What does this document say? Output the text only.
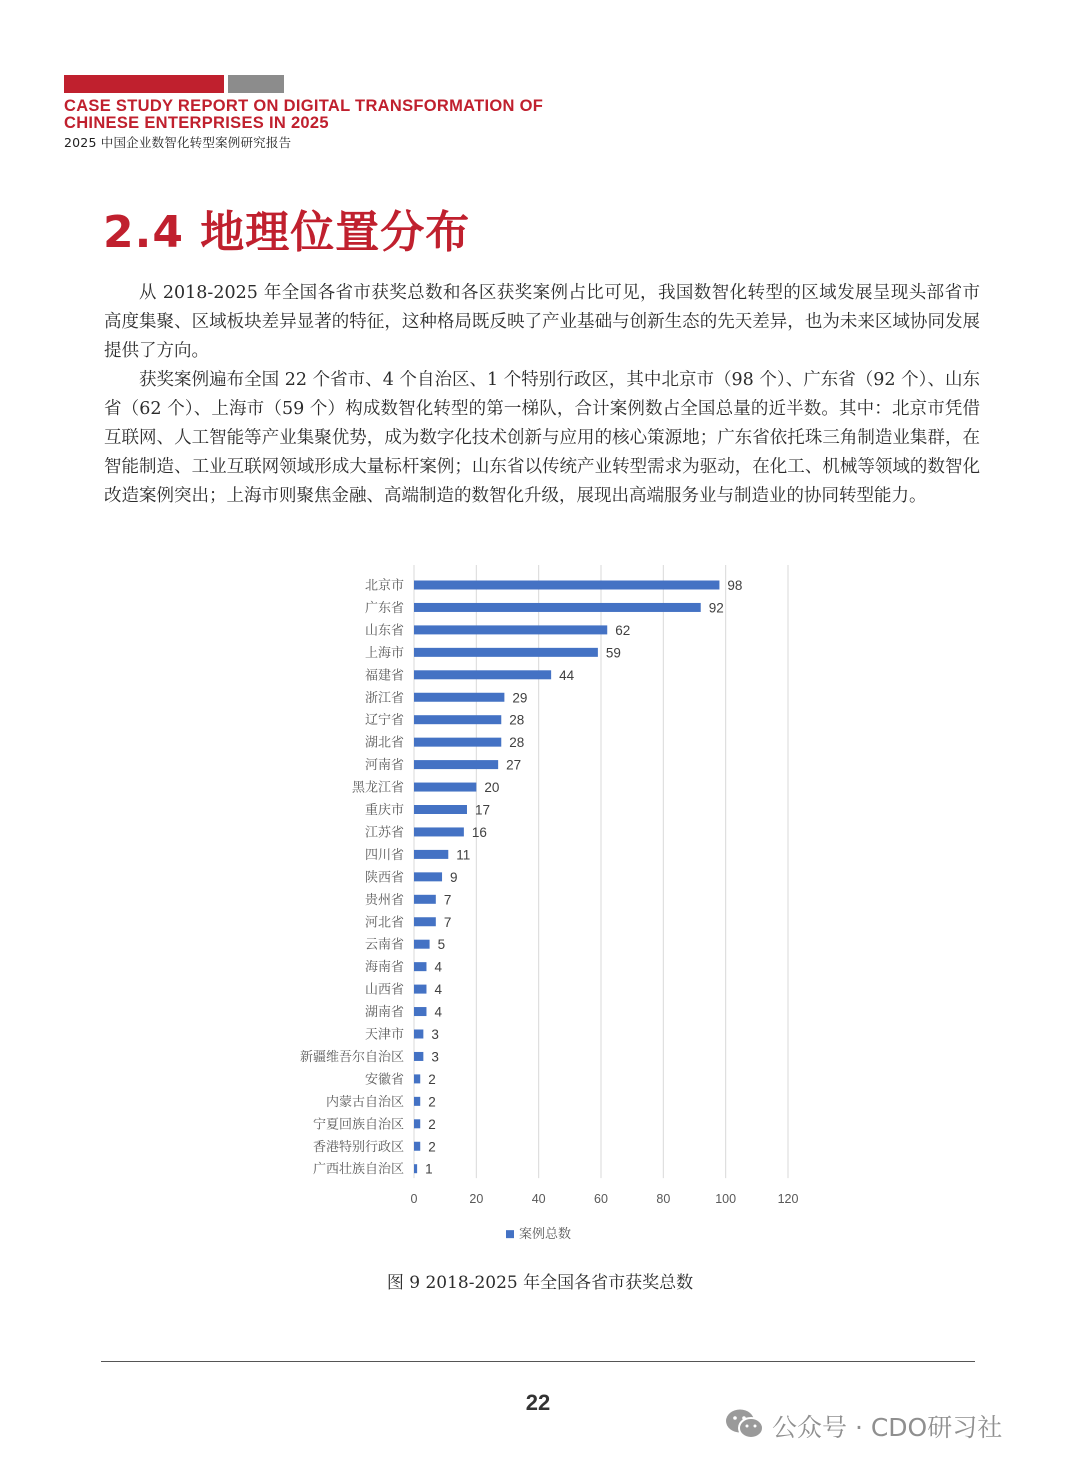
CASE STUDY REPORT ON DIGITAL TRANSFORMATION OF
CHINESE ENTERPRISES IN 2025
2025 中国企业数智化转型案例研究报告
2.4 地理位置分布

从 2018-2025 年全国各省市获奖总数和各区获奖案例占比可见，我国数智化转型的区域发展呈现头部省市高度集聚、区域板块差异显著的特征，这种格局既反映了产业基础与创新生态的先天差异，也为未来区域协同发展提供了方向。

获奖案例遍布全国 22 个省市、4 个自治区、1 个特别行政区，其中北京市（98 个）、广东省（92 个）、山东省（62 个）、上海市（59 个）构成数智化转型的第一梯队，合计案例数占全国总量的近半数。其中：北京市凭借互联网、人工智能等产业集聚优势，成为数字化技术创新与应用的核心策源地；广东省依托珠三角制造业集群，在智能制造、工业互联网领域形成大量标杆案例；山东省以传统产业转型需求为驱动，在化工、机械等领域的数智化改造案例突出；上海市则聚焦金融、高端制造的数智化升级，展现出高端服务业与制造业的协同转型能力。

北京市	98
广东省	92
山东省	62
上海市	59
福建省	44
浙江省	29
辽宁省	28
湖北省	28
河南省	27
黑龙江省	20
重庆市	17
江苏省	16
四川省	11
陕西省	9
贵州省	7
河北省	7
云南省 5
海南省 4
山西省 4
湖南省 4
天津市 3
新疆维吾尔自治区 3
安徽省 2
内蒙古自治区 2
宁夏回族自治区 2
香港特别行政区 2
广西壮族自治区 1
0	20	40	60	80	100	120
案例总数
图 9 2018-2025 年全国各省市获奖总数
22
公众号 · CDO研习社
